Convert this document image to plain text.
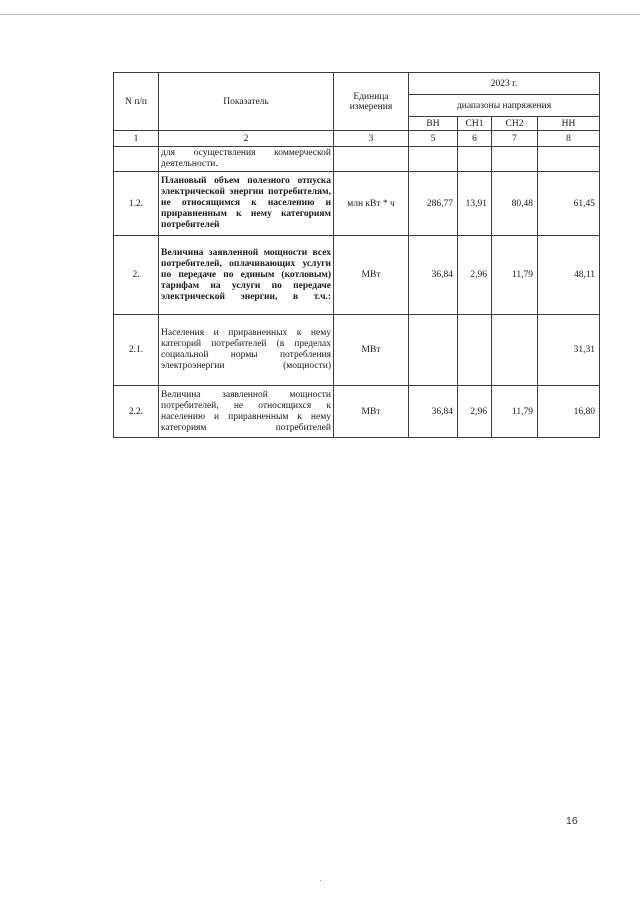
N п/п	Показатель	Единица измерения	2023 г.			
			диапазоны напряжения			
			ВН	СН1	СН2	НН
1	2	3	5	6	7	8
	для осуществления коммерческой деятельности.					
1.2.	Плановый объем полезного отпуска электрической энергии потребителям, не относящимся к населению и приравненным к нему категориям потребителей	млн кВт * ч	286,77	13,91	80,48	61,45
2.	Величина заявленной мощности всех потребителей, оплачивающих услуги по передаче по единым (котловым) тарифам на услуги по передаче электрической энергии, в т.ч.:	МВт	36,84	2,96	11,79	48,11
2.1.	Населения и приравненных к нему категорий потребителей (в пределах социальной нормы потребления электроэнергии (мощности)	МВт				31,31
2.2.	Величина заявленной мощности потребителей, не относящихся к населению и приравненным к нему категориям потребителей	МВт	36,84	2,96	11,79	16,80
16
